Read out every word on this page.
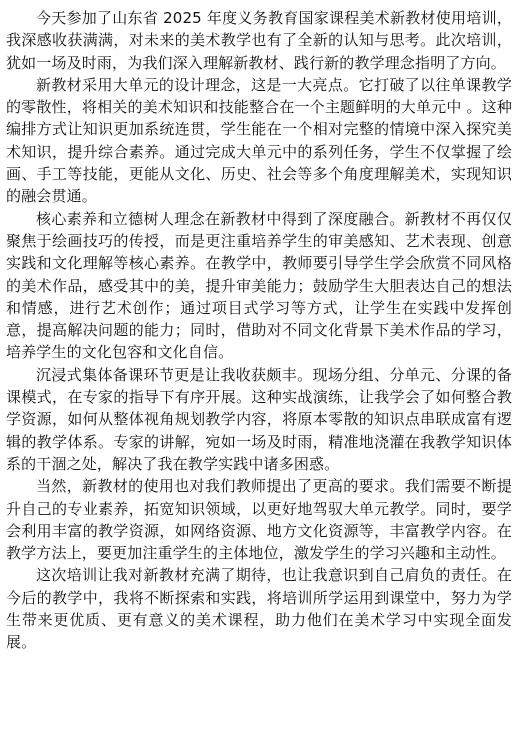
今天参加了山东省 2025 年度义务教育国家课程美术新教材使用培训，我深感收获满满，对未来的美术教学也有了全新的认知与思考。此次培训，犹如一场及时雨，为我们深入理解新教材、践行新的教学理念指明了方向。

新教材采用大单元的设计理念，这是一大亮点。它打破了以往单课教学的零散性，将相关的美术知识和技能整合在一个主题鲜明的大单元中 。这种编排方式让知识更加系统连贯，学生能在一个相对完整的情境中深入探究美术知识，提升综合素养。通过完成大单元中的系列任务，学生不仅掌握了绘画、手工等技能，更能从文化、历史、社会等多个角度理解美术，实现知识的融会贯通。

核心素养和立德树人理念在新教材中得到了深度融合。新教材不再仅仅聚焦于绘画技巧的传授，而是更注重培养学生的审美感知、艺术表现、创意实践和文化理解等核心素养。在教学中，教师要引导学生学会欣赏不同风格的美术作品，感受其中的美，提升审美能力；鼓励学生大胆表达自己的想法和情感，进行艺术创作；通过项目式学习等方式，让学生在实践中发挥创意，提高解决问题的能力；同时，借助对不同文化背景下美术作品的学习，培养学生的文化包容和文化自信。

沉浸式集体备课环节更是让我收获颇丰。现场分组、分单元、分课的备课模式，在专家的指导下有序开展。这种实战演练，让我学会了如何整合教学资源，如何从整体视角规划教学内容，将原本零散的知识点串联成富有逻辑的教学体系。专家的讲解，宛如一场及时雨，精准地浇灌在我教学知识体系的干涸之处，解决了我在教学实践中诸多困惑。

当然，新教材的使用也对我们教师提出了更高的要求。我们需要不断提升自己的专业素养，拓宽知识领域，以更好地驾驭大单元教学。同时，要学会利用丰富的教学资源，如网络资源、地方文化资源等，丰富教学内容。在教学方法上，要更加注重学生的主体地位，激发学生的学习兴趣和主动性。

这次培训让我对新教材充满了期待，也让我意识到自己肩负的责任。在今后的教学中，我将不断探索和实践，将培训所学运用到课堂中，努力为学生带来更优质、更有意义的美术课程，助力他们在美术学习中实现全面发展。
